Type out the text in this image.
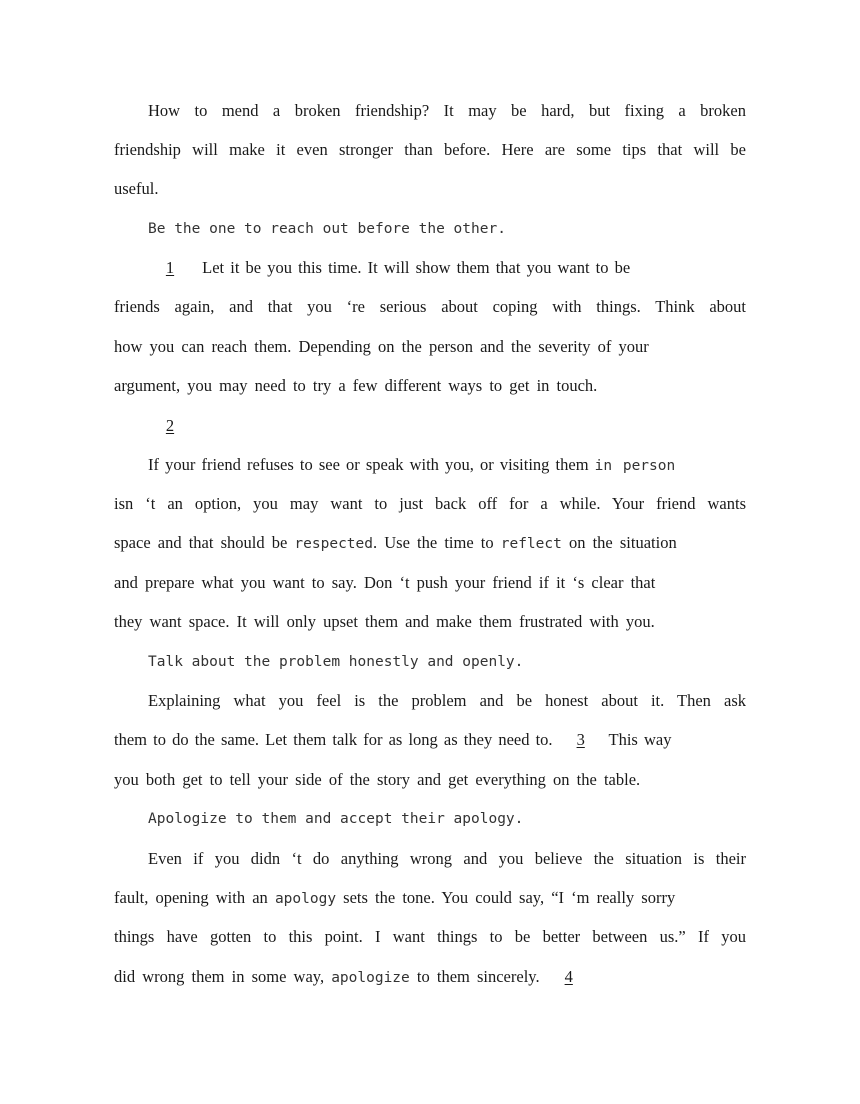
How to mend a broken friendship? It may be hard, but fixing a broken
friendship will make it even stronger than before. Here are some tips that will be
useful.
Be the one to reach out before the other.
1 Let it be you this time. It will show them that you want to be
friends again, and that you ‘re serious about coping with things. Think about
how you can reach them. Depending on the person and the severity of your
argument, you may need to try a few different ways to get in touch.
2
If your friend refuses to see or speak with you, or visiting them in person
isn ‘t an option, you may want to just back off for a while. Your friend wants
space and that should be respected. Use the time to reflect on the situation
and prepare what you want to say. Don ‘t push your friend if it ‘s clear that
they want space. It will only upset them and make them frustrated with you.
Talk about the problem honestly and openly.
Explaining what you feel is the problem and be honest about it. Then ask
them to do the same. Let them talk for as long as they need to. 3 This way
you both get to tell your side of the story and get everything on the table.
Apologize to them and accept their apology.
Even if you didn ‘t do anything wrong and you believe the situation is their
fault, opening with an apology sets the tone. You could say, “I ‘m really sorry
things have gotten to this point. I want things to be better between us.” If you
did wrong them in some way, apologize to them sincerely. 4
